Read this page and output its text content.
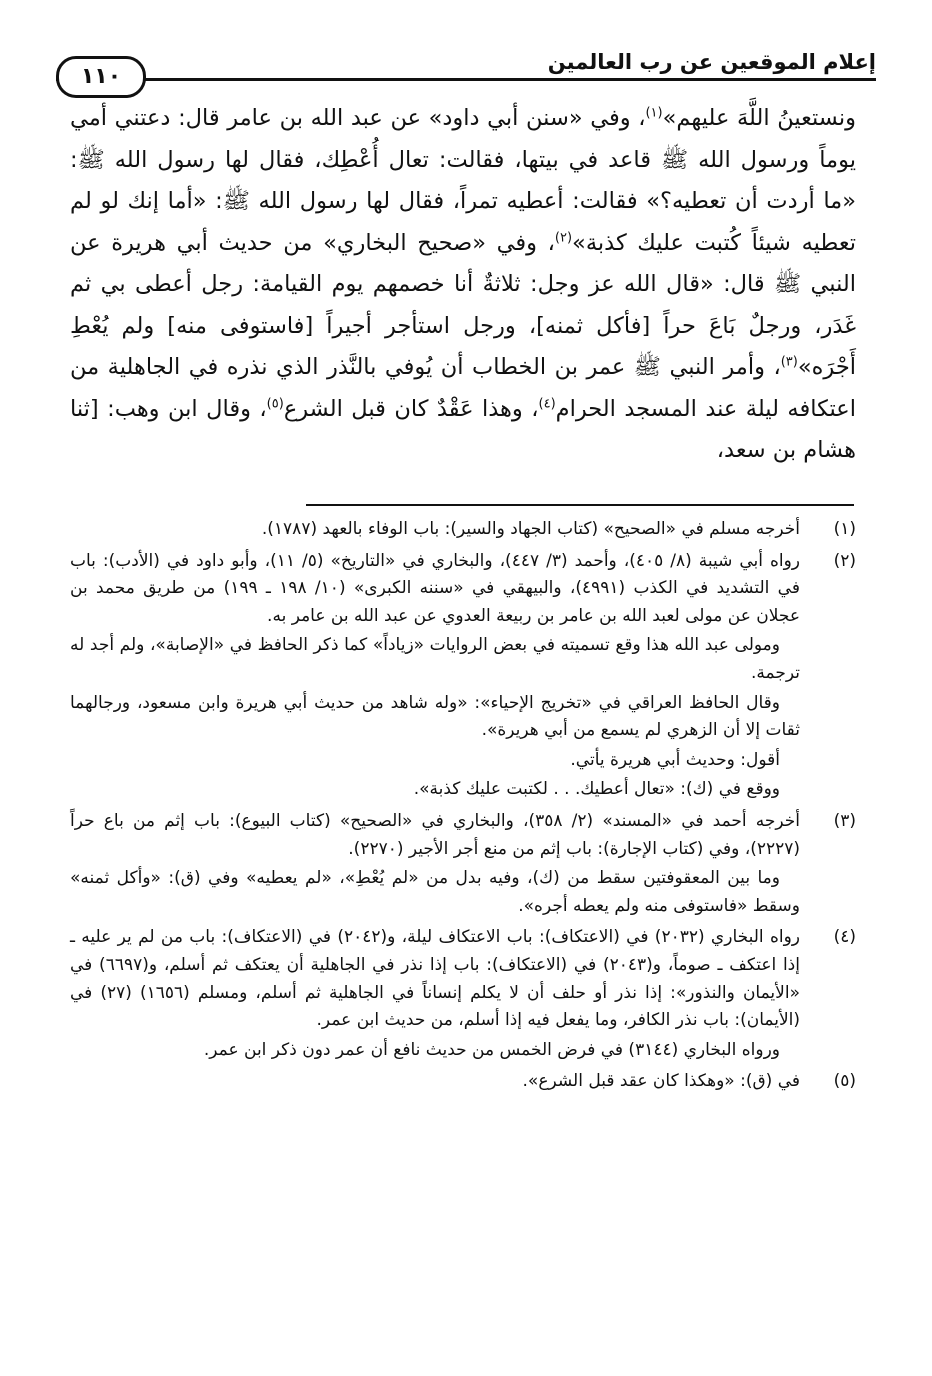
إعلام الموقعين عن رب العالمين
١١٠

ونستعينُ اللَّهَ عليهم»$^{(١)}$، وفي «سنن أبي داود» عن عبد الله بن عامر قال: دعتني أمي يوماً ورسول الله ﷺ قاعد في بيتها، فقالت: تعال أُعْطِك، فقال لها رسول الله ﷺ: «ما أردت أن تعطيه؟» فقالت: أعطيه تمراً، فقال لها رسول الله ﷺ: «أما إنك لو لم تعطيه شيئاً كُتبت عليك كذبة»$^{(٢)}$، وفي «صحيح البخاري» من حديث أبي هريرة عن النبي ﷺ قال: «قال الله عز وجل: ثلاثةٌ أنا خصمهم يوم القيامة: رجل أعطى بي ثم غَدَر، ورجلٌ بَاعَ حراً [فأكل ثمنه]، ورجل استأجر أجيراً [فاستوفى منه] ولم يُعْطِ أَجْرَه»$^{(٣)}$، وأمر النبي ﷺ عمر بن الخطاب أن يُوفي بالنَّذر الذي نذره في الجاهلية من اعتكافه ليلة عند المسجد الحرام$^{(٤)}$، وهذا عَقْدٌ كان قبل الشرع$^{(٥)}$، وقال ابن وهب: [ثنا هشام بن سعد،

(١)

أخرجه مسلم في «الصحيح» (كتاب الجهاد والسير): باب الوفاء بالعهد (١٧٨٧).

(٢)

رواه أبي شيبة (٨/ ٤٠٥)، وأحمد (٣/ ٤٤٧)، والبخاري في «التاريخ» (٥/ ١١)، وأبو داود في (الأدب): باب في التشديد في الكذب (٤٩٩١)، والبيهقي في «سننه الكبرى» (١٠/ ١٩٨ ـ ١٩٩) من طريق محمد بن عجلان عن مولى لعبد الله بن عامر بن ربيعة العدوي عن عبد الله بن عامر به.

ومولى عبد الله هذا وقع تسميته في بعض الروايات «زياداً» كما ذكر الحافظ في «الإصابة»، ولم أجد له ترجمة.

وقال الحافظ العراقي في «تخريج الإحياء»: «وله شاهد من حديث أبي هريرة وابن مسعود، ورجالهما ثقات إلا أن الزهري لم يسمع من أبي هريرة».

أقول: وحديث أبي هريرة يأتي.

ووقع في (ك): «تعال أعطيك. . . لكتبت عليك كذبة».

(٣)

أخرجه أحمد في «المسند» (٢/ ٣٥٨)، والبخاري في «الصحيح» (كتاب البيوع): باب إثم من باع حراً (٢٢٢٧)، وفي (كتاب الإجارة): باب إثم من منع أجر الأجير (٢٢٧٠).

وما بين المعقوفتين سقط من (ك)، وفيه بدل من «لم يُعْطِ»، «لم يعطيه» وفي (ق): «وأكل ثمنه» وسقط «فاستوفى منه ولم يعطه أجره».

(٤)

رواه البخاري (٢٠٣٢) في (الاعتكاف): باب الاعتكاف ليلة، و(٢٠٤٢) في (الاعتكاف): باب من لم ير عليه ـ إذا اعتكف ـ صوماً، و(٢٠٤٣) في (الاعتكاف): باب إذا نذر في الجاهلية أن يعتكف ثم أسلم، و(٦٦٩٧) في «الأيمان والنذور»: إذا نذر أو حلف أن لا يكلم إنساناً في الجاهلية ثم أسلم، ومسلم (١٦٥٦) (٢٧) في (الأيمان): باب نذر الكافر، وما يفعل فيه إذا أسلم، من حديث ابن عمر.

ورواه البخاري (٣١٤٤) في فرض الخمس من حديث نافع أن عمر دون ذكر ابن عمر.

(٥)

في (ق): «وهكذا كان عقد قبل الشرع».
